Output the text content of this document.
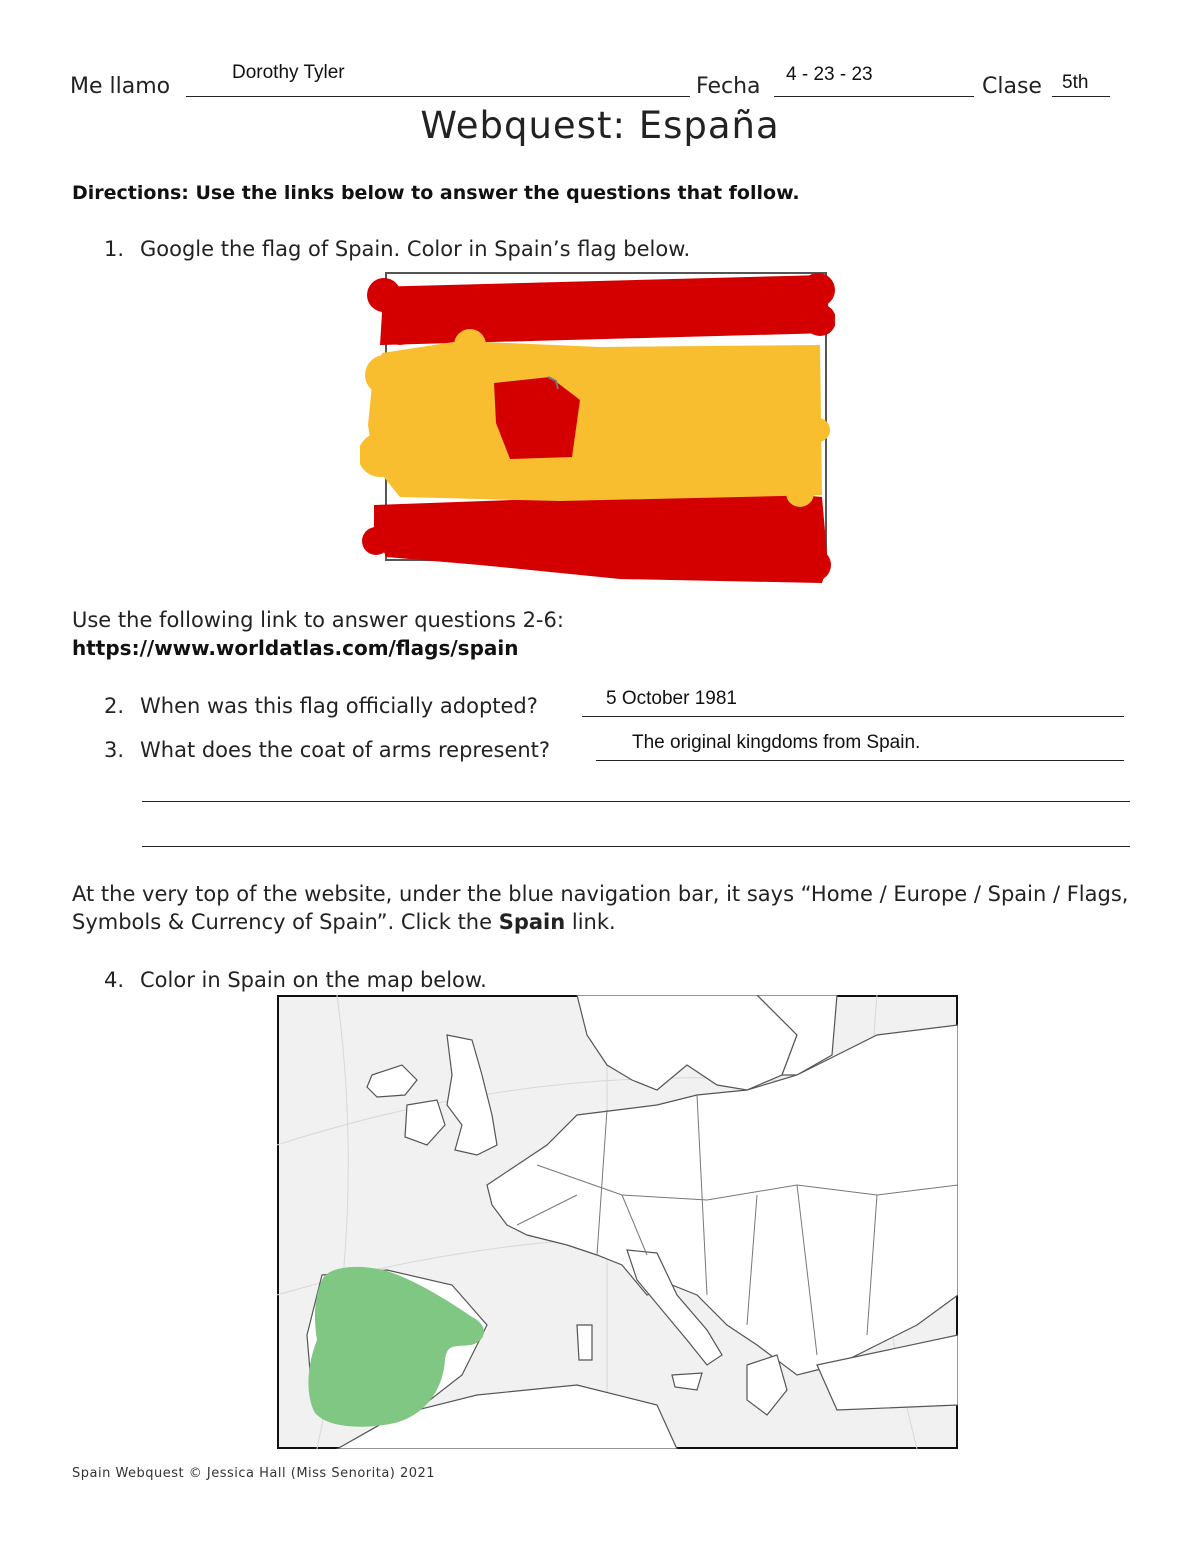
Me llamo
Dorothy Tyler
Fecha 4 - 23 - 23	Clase 5th
Webquest: España
Directions: Use the links below to answer the questions that follow.
1. Google the flag of Spain. Color in Spain’s flag below.
Use the following link to answer questions 2-6:
https://www.worldatlas.com/flags/spain
2. When was this flag officially adopted?	5 October 1981
3. What does the coat of arms represent?	The original kingdoms from Spain.
At the very top of the website, under the blue navigation bar, it says “Home / Europe / Spain / Flags, Symbols & Currency of Spain”. Click the Spain link.
4. Color in Spain on the map below.
Spain Webquest © Jessica Hall (Miss Senorita) 2021
